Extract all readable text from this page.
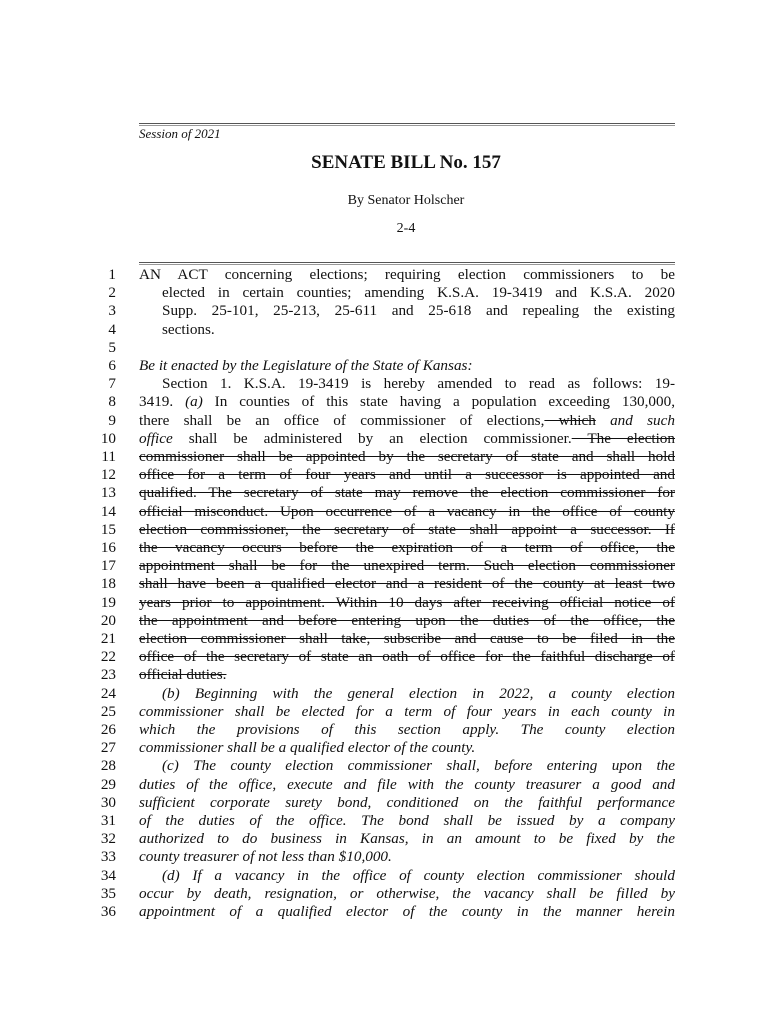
Session of 2021
SENATE BILL No. 157
By Senator Holscher
2-4
1 AN ACT concerning elections; requiring election commissioners to be
2	elected in certain counties; amending K.S.A. 19-3419 and K.S.A. 2020
3	Supp. 25-101, 25-213, 25-611 and 25-618 and repealing the existing
4	sections.
5
6 Be it enacted by the Legislature of the State of Kansas:
7	Section 1. K.S.A. 19-3419 is hereby amended to read as follows: 19-
8 3419. (a) In counties of this state having a population exceeding 130,000,
9 there shall be an office of commissioner of elections, which and such
10 office shall be administered by an election commissioner. The election
11 commissioner shall be appointed by the secretary of state and shall hold
12 office for a term of four years and until a successor is appointed and
13 qualified. The secretary of state may remove the election commissioner for
14 official misconduct. Upon occurrence of a vacancy in the office of county
15 election commissioner, the secretary of state shall appoint a successor. If
16 the vacancy occurs before the expiration of a term of office, the
17 appointment shall be for the unexpired term. Such election commissioner
18 shall have been a qualified elector and a resident of the county at least two
19 years prior to appointment. Within 10 days after receiving official notice of
20 the appointment and before entering upon the duties of the office, the
21 election commissioner shall take, subscribe and cause to be filed in the
22 office of the secretary of state an oath of office for the faithful discharge of
23 official duties.
24	(b) Beginning with the general election in 2022, a county election
25 commissioner shall be elected for a term of four years in each county in
26 which the provisions of this section apply. The county election
27 commissioner shall be a qualified elector of the county.
28	(c) The county election commissioner shall, before entering upon the
29 duties of the office, execute and file with the county treasurer a good and
30 sufficient corporate surety bond, conditioned on the faithful performance
31 of the duties of the office. The bond shall be issued by a company
32 authorized to do business in Kansas, in an amount to be fixed by the
33 county treasurer of not less than $10,000.
34	(d) If a vacancy in the office of county election commissioner should
35 occur by death, resignation, or otherwise, the vacancy shall be filled by
36 appointment of a qualified elector of the county in the manner herein
